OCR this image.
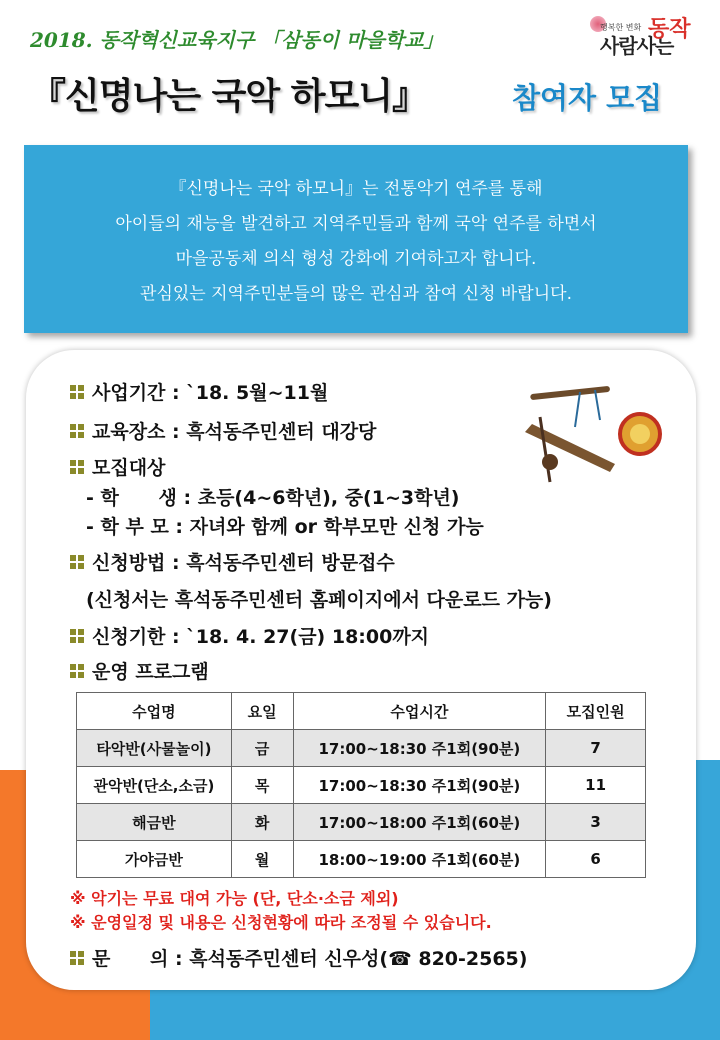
2018. 동작혁신교육지구 「삼동이 마을학교」
행복한 변화
사람사는
동작
『신명나는 국악 하모니』	참여자 모집
『신명나는 국악 하모니』는 전통악기 연주를 통해
아이들의 재능을 발견하고 지역주민들과 함께 국악 연주를 하면서
마을공동체 의식 형성 강화에 기여하고자 합니다.
관심있는 지역주민분들의 많은 관심과 참여 신청 바랍니다.
사업기간 : `18. 5월~11월
교육장소 : 흑석동주민센터 대강당
모집대상
- 학      생 : 초등(4~6학년), 중(1~3학년)
- 학 부 모 : 자녀와 함께 or 학부모만 신청 가능
신청방법 : 흑석동주민센터 방문접수
(신청서는 흑석동주민센터 홈페이지에서 다운로드 가능)
신청기한 : `18. 4. 27(금) 18:00까지
운영 프로그램
수업명	요일	수업시간	모집인원
타악반(사물놀이)	금	17:00~18:30 주1회(90분)	7
관악반(단소,소금)	목	17:00~18:30 주1회(90분)	11
해금반	화	17:00~18:00 주1회(60분)	3
가야금반	월	18:00~19:00 주1회(60분)	6
※ 악기는 무료 대여 가능 (단, 단소·소금 제외)
※ 운영일정 및 내용은 신청현황에 따라 조정될 수 있습니다.
문      의 : 흑석동주민센터 신우성(☎ 820-2565)
